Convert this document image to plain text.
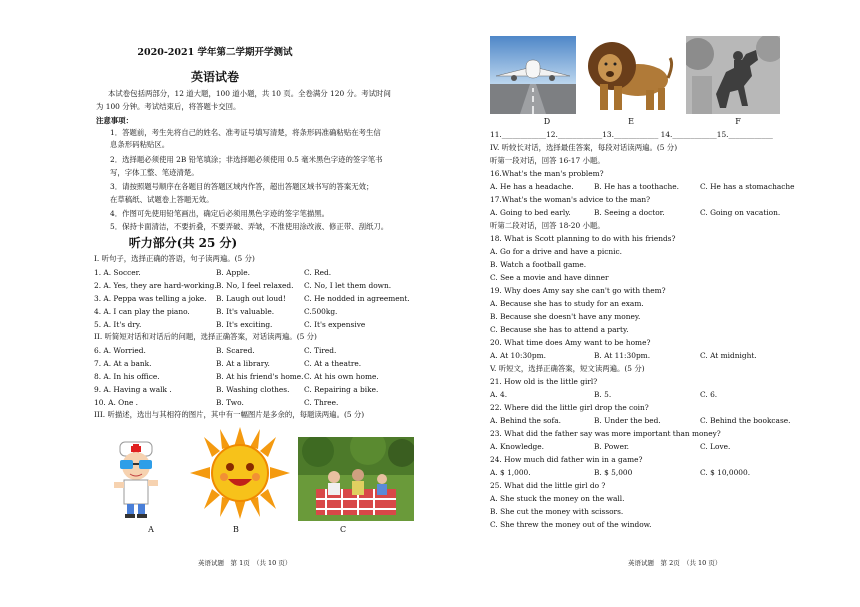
2020-2021 学年第二学期开学测试
英语试卷
本试卷包括两部分，12 道大题，100 道小题，共 10 页。全卷满分 120 分。考试时间
为 100 分钟。考试结束后，将答题卡交回。
注意事项：
1．答题前，考生先将自己的姓名、准考证号填写清楚，将条形码准确粘贴在考生信
息条形码粘贴区。
2．选择题必须使用 2B 铅笔填涂；非选择题必须使用 0.5 毫米黑色字迹的签字笔书
写，字体工整、笔迹清楚。
3．请按照题号顺序在各题目的答题区域内作答，超出答题区域书写的答案无效；
在草稿纸、试题卷上答题无效。
4．作图可先使用铅笔画出，确定后必须用黑色字迹的签字笔描黑。
5．保持卡面清洁，不要折叠，不要弄破、弄皱，不准使用涂改液、修正带、刮纸刀。
听力部分(共 25 分)
I. 听句子，选择正确的答语，句子读两遍。(5 分)
1. A. Soccer.	B. Apple.	C. Red.
2. A. Yes, they are hard-working. B. No, I feel relaxed. C. No, I let them down.
3. A. Peppa was telling a joke. B. Laugh out loud! C. He nodded in agreement.
4. A. I can play the piano.	B. It's valuable.	C.500kg.
5. A. It's dry.	B. It's exciting.	C. It's expensive
II. 听简短对话和对话后的问题，选择正确答案，对话读两遍。(5 分)
6. A. Worried.	B. Scared.	C. Tired.
7. A. At a bank.	B. At a library.	C. At a theatre.
8. A. In his office.	B. At his friend's home. C. At his own home.
9. A. Having a walk .	B. Washing clothes. C. Repairing a bike.
10. A. One .	B. Two.	C. Three.
III. 听描述，选出与其相符的图片，其中有一幅图片是多余的，每题读两遍。(5 分)
A	B	C
英语试题　第 1页　（共 10 页）
D	E	F
11.____________12.____________13.____________ 14.____________15.____________
IV. 听较长对话，选择最佳答案，每段对话读两遍。(5 分)
听第一段对话，回答 16-17 小题。
16.What's the man's problem?
A. He has a headache.	B. He has a toothache.	C. He has a stomachache
17.What's the woman's advice to the man?
A. Going to bed early.	B. Seeing a doctor.	C. Going on vacation.
听第二段对话，回答 18-20 小题。
18. What is Scott planning to do with his friends?
A. Go for a drive and have a picnic.
B. Watch a football game.
C. See a movie and have dinner
19. Why does Amy say she can't go with them?
A. Because she has to study for an exam.
B. Because she doesn't have any money.
C. Because she has to attend a party.
20. What time does Amy want to be home?
A. At 10:30pm.	B. At 11:30pm.	C. At midnight.
V. 听短文，选择正确答案，短文读两遍。(5 分)
21. How old is the little girl?
A. 4.	B. 5.	C. 6.
22. Where did the little girl drop the coin?
A. Behind the sofa.	B. Under the bed.	C. Behind the bookcase.
23. What did the father say was more important than money?
A. Knowledge.	B. Power.	C. Love.
24. How much did father win in a game?
A. $ 1,000.	B. $ 5,000	C. $ 10,0000.
25. What did the little girl do ?
A. She stuck the money on the wall.
B. She cut the money with scissors.
C. She threw the money out of the window.
英语试题　第 2页　（共 10 页）
